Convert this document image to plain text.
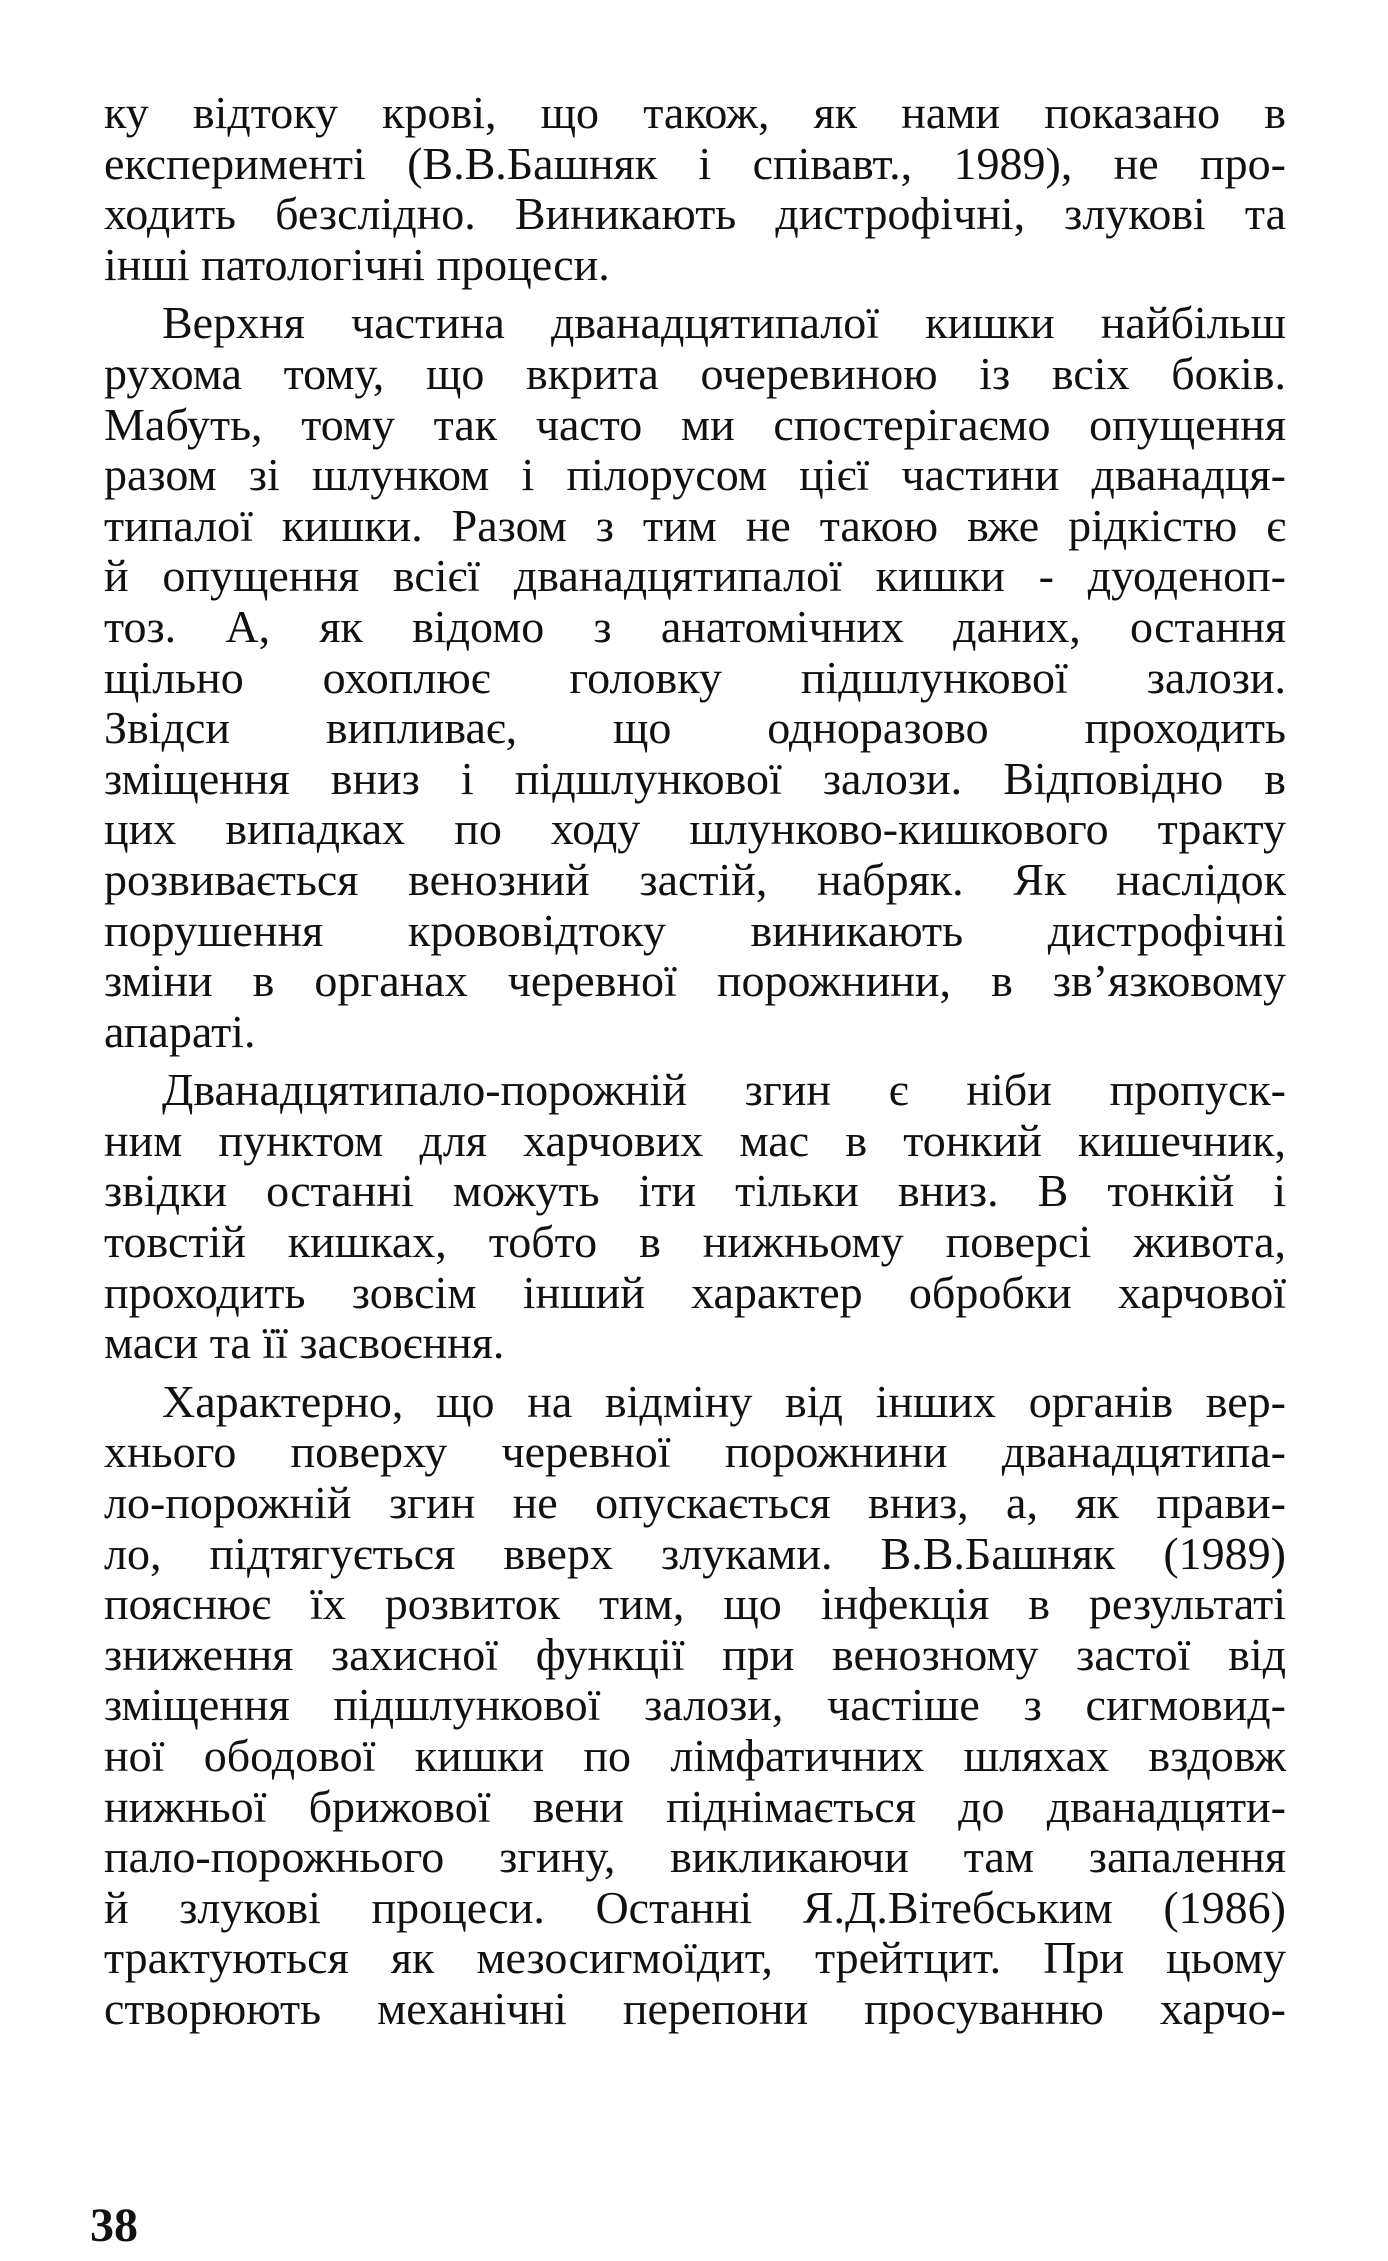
ку відтоку крові, що також, як нами показано в
експерименті (В.В.Башняк і співавт., 1989), не про-
ходить безслідно. Виникають дистрофічні, злукові та
інші патологічні процеси.
Верхня частина дванадцятипалої кишки найбільш
рухома тому, що вкрита очеревиною із всіх боків.
Мабуть, тому так часто ми спостерігаємо опущення
разом зі шлунком і пілорусом цієї частини дванадця-
типалої кишки. Разом з тим не такою вже рідкістю є
й опущення всієї дванадцятипалої кишки - дуоденоп-
тоз. А, як відомо з анатомічних даних, остання
щільно охоплює головку підшлункової залози.
Звідси випливає, що одноразово проходить
зміщення вниз і підшлункової залози. Відповідно в
цих випадках по ходу шлунково-кишкового тракту
розвивається венозний застій, набряк. Як наслідок
порушення крововідтоку виникають дистрофічні
зміни в органах черевної порожнини, в зв’язковому
апараті.
Дванадцятипало-порожній згин є ніби пропуск-
ним пунктом для харчових мас в тонкий кишечник,
звідки останні можуть іти тільки вниз. В тонкій і
товстій кишках, тобто в нижньому поверсі живота,
проходить зовсім інший характер обробки харчової
маси та її засвоєння.
Характерно, що на відміну від інших органів вер-
хнього поверху черевної порожнини дванадцятипа-
ло-порожній згин не опускається вниз, а, як прави-
ло, підтягується вверх злуками. В.В.Башняк (1989)
пояснює їх розвиток тим, що інфекція в результаті
зниження захисної функції при венозному застої від
зміщення підшлункової залози, частіше з сигмовид-
ної ободової кишки по лімфатичних шляхах вздовж
нижньої брижової вени піднімається до дванадцяти-
пало-порожнього згину, викликаючи там запалення
й злукові процеси. Останні Я.Д.Вітебським (1986)
трактуються як мезосигмоїдит, трейтцит. При цьому
створюють механічні перепони просуванню харчо-
38
